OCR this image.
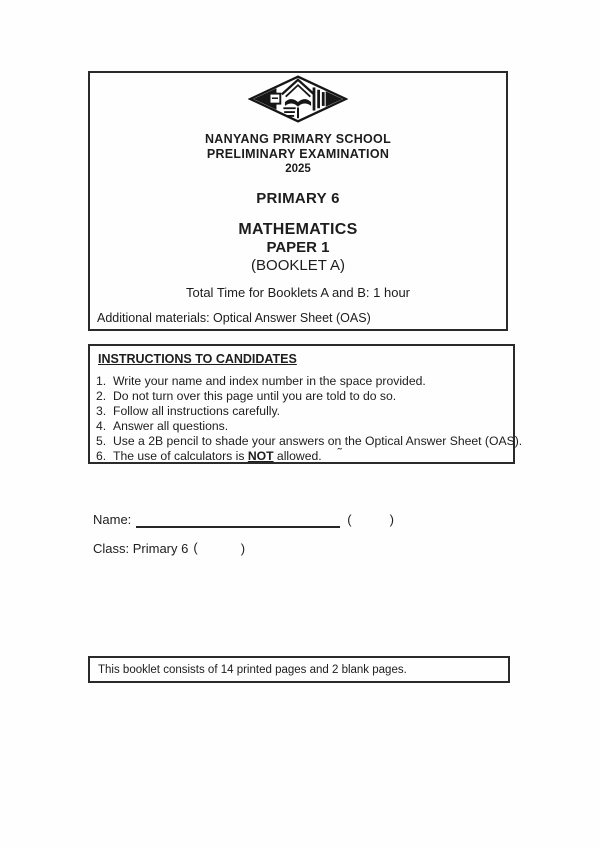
NANYANG PRIMARY SCHOOL
PRELIMINARY EXAMINATION
2025
PRIMARY 6
MATHEMATICS
PAPER 1
(BOOKLET A)
Total Time for Booklets A and B: 1 hour
Additional materials: Optical Answer Sheet (OAS)
INSTRUCTIONS TO CANDIDATES
1. Write your name and index number in the space provided.
2. Do not turn over this page until you are told to do so.
3. Follow all instructions carefully.
4. Answer all questions.
5. Use a 2B pencil to shade your answers on the Optical Answer Sheet (OAS).
6. The use of calculators is NOT allowed. ˜
Name:	(	)
Class: Primary 6 (	)
This booklet consists of 14 printed pages and 2 blank pages.
